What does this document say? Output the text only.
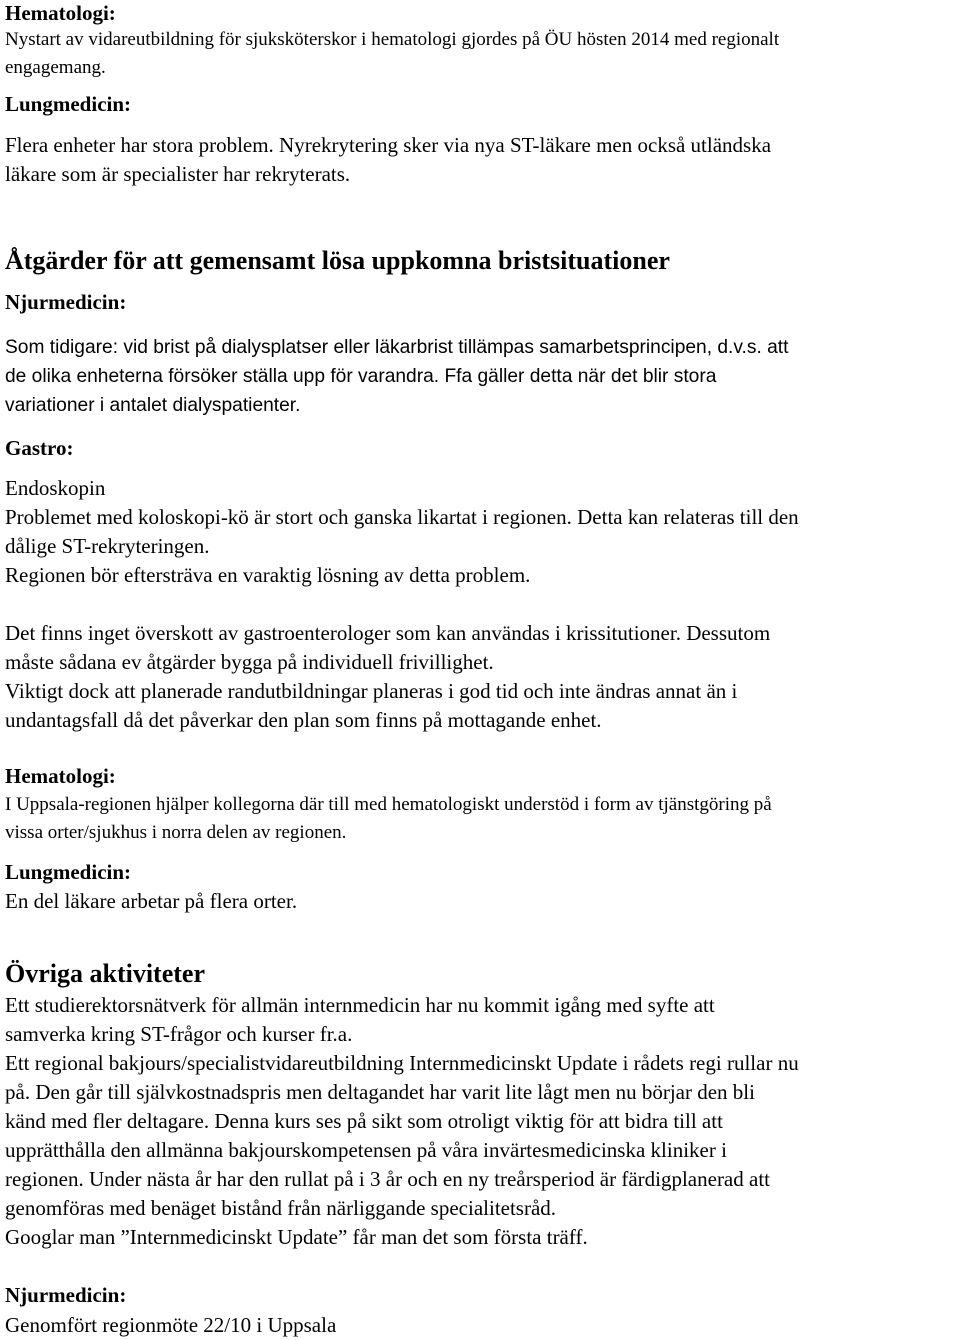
Hematologi:
Nystart av vidareutbildning för sjuksköterskor i hematologi gjordes på ÖU hösten 2014 med regionalt
engagemang.
Lungmedicin:
Flera enheter har stora problem. Nyrekrytering sker via nya ST-läkare men också utländska
läkare som är specialister har rekryterats.
Åtgärder för att gemensamt lösa uppkomna bristsituationer
Njurmedicin:
Som tidigare: vid brist på dialysplatser eller läkarbrist tillämpas samarbetsprincipen, d.v.s. att
de olika enheterna försöker ställa upp för varandra. Ffa gäller detta när det blir stora
variationer i antalet dialyspatienter.
Gastro:
Endoskopin
Problemet med koloskopi-kö är stort och ganska likartat i regionen. Detta kan relateras till den
dålige ST-rekryteringen.
Regionen bör eftersträva en varaktig lösning av detta problem.
Det finns inget överskott av gastroenterologer som kan användas i krissitutioner. Dessutom
måste sådana ev åtgärder bygga på individuell frivillighet.
Viktigt dock att planerade randutbildningar planeras i god tid och inte ändras annat än i
undantagsfall då det påverkar den plan som finns på mottagande enhet.
Hematologi:
I Uppsala-regionen hjälper kollegorna där till med hematologiskt understöd i form av tjänstgöring på
vissa orter/sjukhus i norra delen av regionen.
Lungmedicin:
En del läkare arbetar på flera orter.
Övriga aktiviteter
Ett studierektorsnätverk för allmän internmedicin har nu kommit igång med syfte att
samverka kring ST-frågor och kurser fr.a.
Ett regional bakjours/specialistvidareutbildning Internmedicinskt Update i rådets regi rullar nu
på. Den går till självkostnadspris men deltagandet har varit lite lågt men nu börjar den bli
känd med fler deltagare. Denna kurs ses på sikt som otroligt viktig för att bidra till att
upprätthålla den allmänna bakjourskompetensen på våra invärtesmedicinska kliniker i
regionen. Under nästa år har den rullat på i 3 år och en ny treårsperiod är färdigplanerad att
genomföras med benäget bistånd från närliggande specialitetsråd.
Googlar man ”Internmedicinskt Update” får man det som första träff.
Njurmedicin:
Genomfört regionmöte 22/10 i Uppsala
